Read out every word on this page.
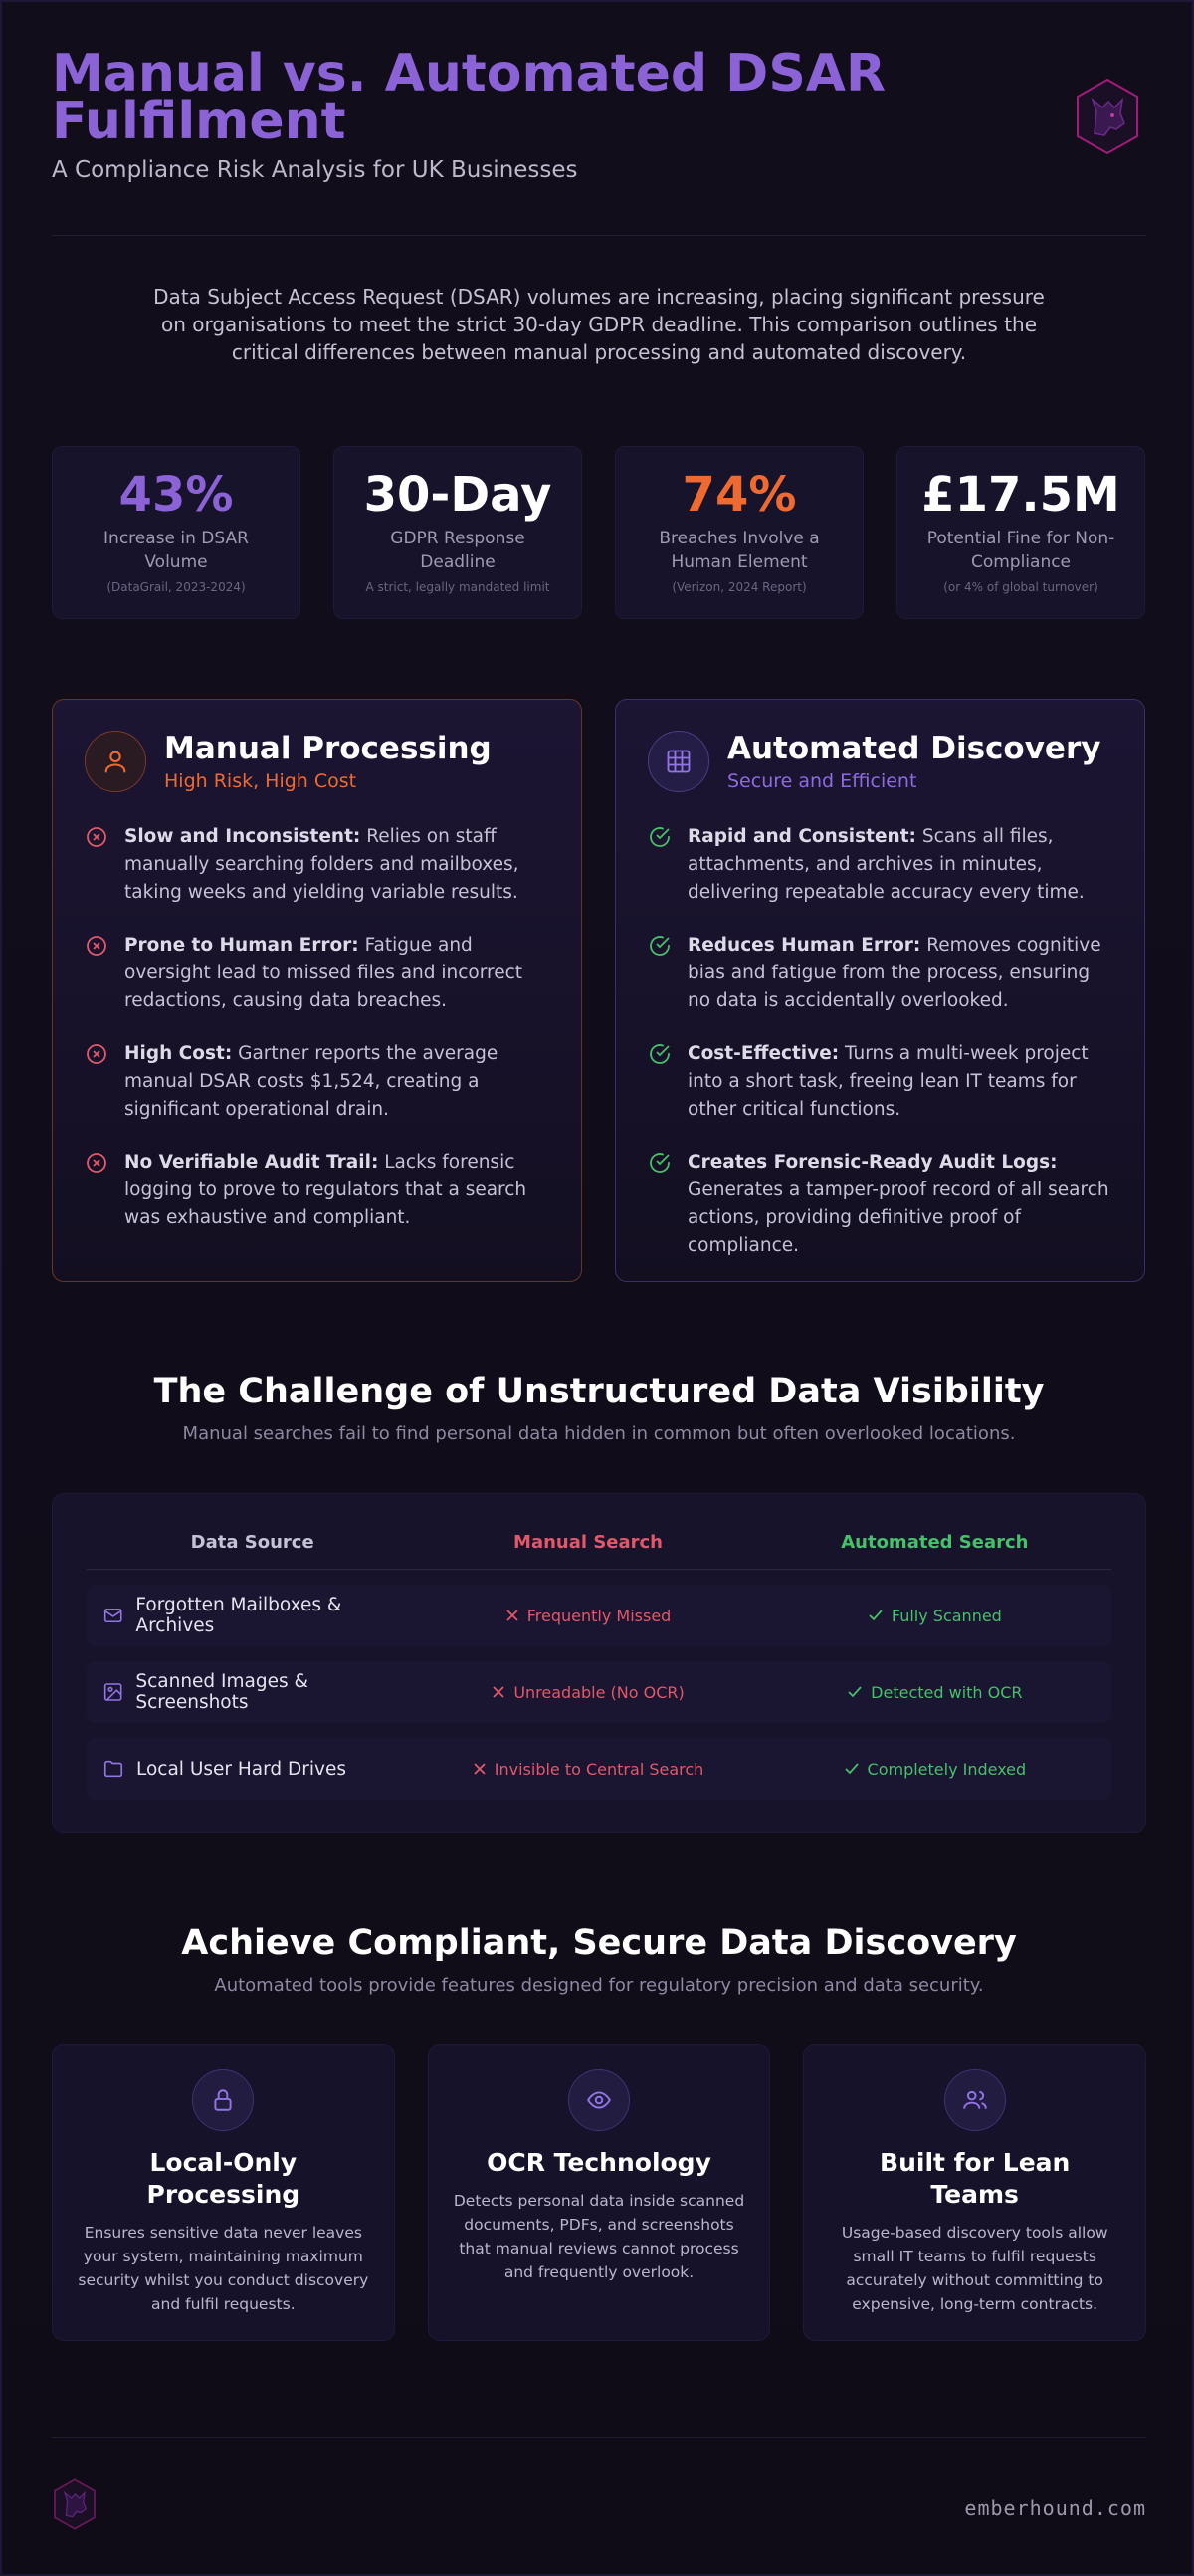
Manual vs. Automated DSAR Fulfilment
A Compliance Risk Analysis for UK Businesses
Data Subject Access Request (DSAR) volumes are increasing, placing significant pressure on organisations to meet the strict 30-day GDPR deadline. This comparison outlines the critical differences between manual processing and automated discovery.
43%
Increase in DSAR Volume
(DataGrail, 2023-2024)
30-Day
GDPR Response Deadline
A strict, legally mandated limit
74%
Breaches Involve a Human Element
(Verizon, 2024 Report)
£17.5M
Potential Fine for Non-Compliance
(or 4% of global turnover)
Manual Processing
High Risk, High Cost
Slow and Inconsistent: Relies on staff manually searching folders and mailboxes, taking weeks and yielding variable results.
Prone to Human Error: Fatigue and oversight lead to missed files and incorrect redactions, causing data breaches.
High Cost: Gartner reports the average manual DSAR costs $1,524, creating a significant operational drain.
No Verifiable Audit Trail: Lacks forensic logging to prove to regulators that a search was exhaustive and compliant.
Automated Discovery
Secure and Efficient
Rapid and Consistent: Scans all files, attachments, and archives in minutes, delivering repeatable accuracy every time.
Reduces Human Error: Removes cognitive bias and fatigue from the process, ensuring no data is accidentally overlooked.
Cost-Effective: Turns a multi-week project into a short task, freeing lean IT teams for other critical functions.
Creates Forensic-Ready Audit Logs: Generates a tamper-proof record of all search actions, providing definitive proof of compliance.
The Challenge of Unstructured Data Visibility
Manual searches fail to find personal data hidden in common but often overlooked locations.
Data Source	Manual Search	Automated Search
Forgotten Mailboxes & Archives	Frequently Missed	Fully Scanned
Scanned Images & Screenshots	Unreadable (No OCR)	Detected with OCR
Local User Hard Drives	Invisible to Central Search	Completely Indexed
Achieve Compliant, Secure Data Discovery
Automated tools provide features designed for regulatory precision and data security.
Local-Only Processing
Ensures sensitive data never leaves your system, maintaining maximum security whilst you conduct discovery and fulfil requests.
OCR Technology
Detects personal data inside scanned documents, PDFs, and screenshots that manual reviews cannot process and frequently overlook.
Built for Lean Teams
Usage-based discovery tools allow small IT teams to fulfil requests accurately without committing to expensive, long-term contracts.
emberhound.com
